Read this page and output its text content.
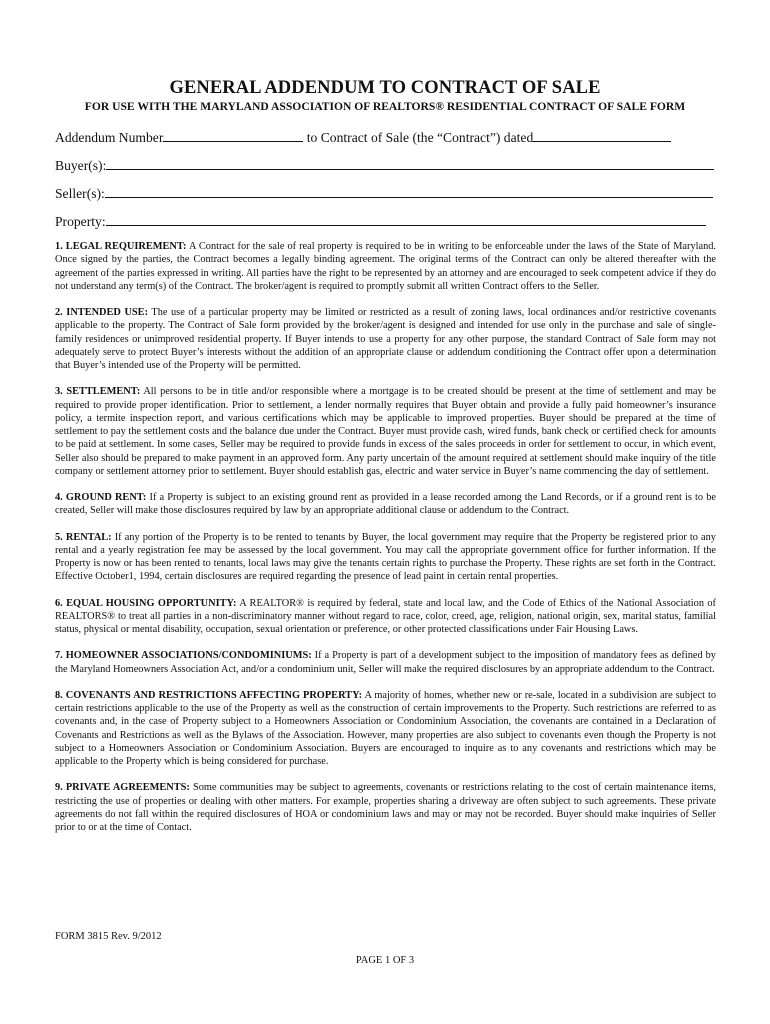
GENERAL ADDENDUM TO CONTRACT OF SALE
FOR USE WITH THE MARYLAND ASSOCIATION OF REALTORS® RESIDENTIAL CONTRACT OF SALE FORM
Addendum Number	to Contract of Sale (the “Contract”) dated
Buyer(s):
Seller(s):
Property:

1. LEGAL REQUIREMENT: A Contract for the sale of real property is required to be in writing to be enforceable under the laws of the State of Maryland. Once signed by the parties, the Contract becomes a legally binding agreement. The original terms of the Contract can only be altered thereafter with the agreement of the parties expressed in writing. All parties have the right to be represented by an attorney and are encouraged to seek competent advice if they do not understand any term(s) of the Contract. The broker/agent is required to promptly submit all written Contract offers to the Seller.

2. INTENDED USE: The use of a particular property may be limited or restricted as a result of zoning laws, local ordinances and/or restrictive covenants applicable to the property. The Contract of Sale form provided by the broker/agent is designed and intended for use only in the purchase and sale of single-family residences or unimproved residential property. If Buyer intends to use a property for any other purpose, the standard Contract of Sale form may not adequately serve to protect Buyer’s interests without the addition of an appropriate clause or addendum conditioning the Contract offer upon a determination that Buyer’s intended use of the Property will be permitted.

3. SETTLEMENT: All persons to be in title and/or responsible where a mortgage is to be created should be present at the time of settlement and may be required to provide proper identification. Prior to settlement, a lender normally requires that Buyer obtain and provide a fully paid homeowner’s insurance policy, a termite inspection report, and various certifications which may be applicable to improved properties. Buyer should be prepared at the time of settlement to pay the settlement costs and the balance due under the Contract. Buyer must provide cash, wired funds, bank check or certified check for amounts to be paid at settlement. In some cases, Seller may be required to provide funds in excess of the sales proceeds in order for settlement to occur, in which event, Seller also should be prepared to make payment in an approved form. Any party uncertain of the amount required at settlement should make inquiry of the title company or settlement attorney prior to settlement. Buyer should establish gas, electric and water service in Buyer’s name commencing the day of settlement.

4. GROUND RENT: If a Property is subject to an existing ground rent as provided in a lease recorded among the Land Records, or if a ground rent is to be created, Seller will make those disclosures required by law by an appropriate additional clause or addendum to the Contract.

5. RENTAL: If any portion of the Property is to be rented to tenants by Buyer, the local government may require that the Property be registered prior to any rental and a yearly registration fee may be assessed by the local government. You may call the appropriate government office for further information. If the Property is now or has been rented to tenants, local laws may give the tenants certain rights to purchase the Property. These rights are set forth in the Contract. Effective October1, 1994, certain disclosures are required regarding the presence of lead paint in certain rental properties.

6. EQUAL HOUSING OPPORTUNITY: A REALTOR® is required by federal, state and local law, and the Code of Ethics of the National Association of REALTORS® to treat all parties in a non-discriminatory manner without regard to race, color, creed, age, religion, national origin, sex, marital status, familial status, physical or mental disability, occupation, sexual orientation or preference, or other protected classifications under Fair Housing Laws.

7. HOMEOWNER ASSOCIATIONS/CONDOMINIUMS: If a Property is part of a development subject to the imposition of mandatory fees as defined by the Maryland Homeowners Association Act, and/or a condominium unit, Seller will make the required disclosures by an appropriate addendum to the Contract.

8. COVENANTS AND RESTRICTIONS AFFECTING PROPERTY: A majority of homes, whether new or re-sale, located in a subdivision are subject to certain restrictions applicable to the use of the Property as well as the construction of certain improvements to the Property. Such restrictions are referred to as covenants and, in the case of Property subject to a Homeowners Association or Condominium Association, the covenants are contained in a Declaration of Covenants and Restrictions as well as the Bylaws of the Association. However, many properties are also subject to covenants even though the Property is not subject to a Homeowners Association or Condominium Association. Buyers are encouraged to inquire as to any covenants and restrictions which may be applicable to the Property which is being considered for purchase.

9. PRIVATE AGREEMENTS: Some communities may be subject to agreements, covenants or restrictions relating to the cost of certain maintenance items, restricting the use of properties or dealing with other matters. For example, properties sharing a driveway are often subject to such agreements. These private agreements do not fall within the required disclosures of HOA or condominium laws and may or may not be recorded. Buyer should make inquiries of Seller prior to or at the time of Contact.

FORM 3815 Rev. 9/2012
PAGE 1 OF 3
